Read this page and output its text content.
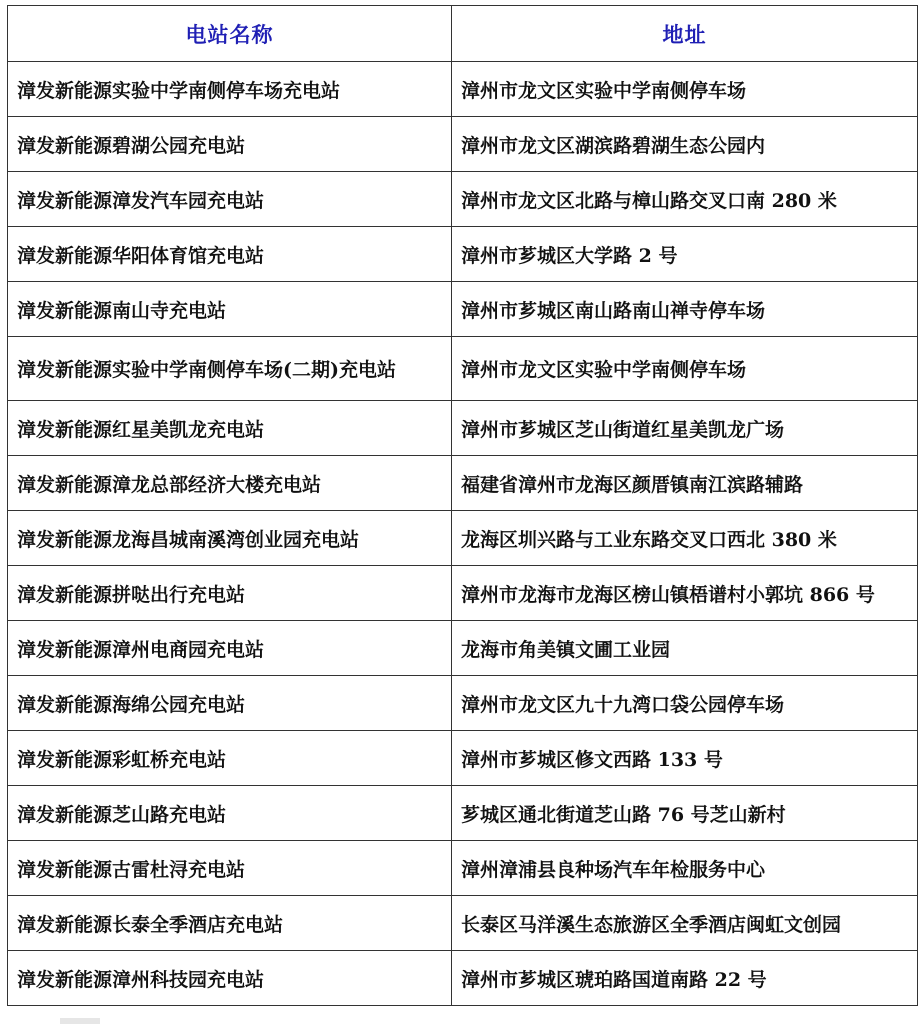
电站名称	地址
漳发新能源实验中学南侧停车场充电站	漳州市龙文区实验中学南侧停车场
漳发新能源碧湖公园充电站	漳州市龙文区湖滨路碧湖生态公园内
漳发新能源漳发汽车园充电站	漳州市龙文区北路与樟山路交叉口南 280 米
漳发新能源华阳体育馆充电站	漳州市芗城区大学路 2 号
漳发新能源南山寺充电站	漳州市芗城区南山路南山禅寺停车场
漳发新能源实验中学南侧停车场(二期)充电站	漳州市龙文区实验中学南侧停车场
漳发新能源红星美凯龙充电站	漳州市芗城区芝山街道红星美凯龙广场
漳发新能源漳龙总部经济大楼充电站	福建省漳州市龙海区颜厝镇南江滨路辅路
漳发新能源龙海昌城南溪湾创业园充电站	龙海区圳兴路与工业东路交叉口西北 380 米
漳发新能源拼哒出行充电站	漳州市龙海市龙海区榜山镇梧谱村小郭坑 866 号
漳发新能源漳州电商园充电站	龙海市角美镇文圃工业园
漳发新能源海绵公园充电站	漳州市龙文区九十九湾口袋公园停车场
漳发新能源彩虹桥充电站	漳州市芗城区修文西路 133 号
漳发新能源芝山路充电站	芗城区通北街道芝山路 76 号芝山新村
漳发新能源古雷杜浔充电站	漳州漳浦县良种场汽车年检服务中心
漳发新能源长泰全季酒店充电站	长泰区马洋溪生态旅游区全季酒店闽虹文创园
漳发新能源漳州科技园充电站	漳州市芗城区琥珀路国道南路 22 号
